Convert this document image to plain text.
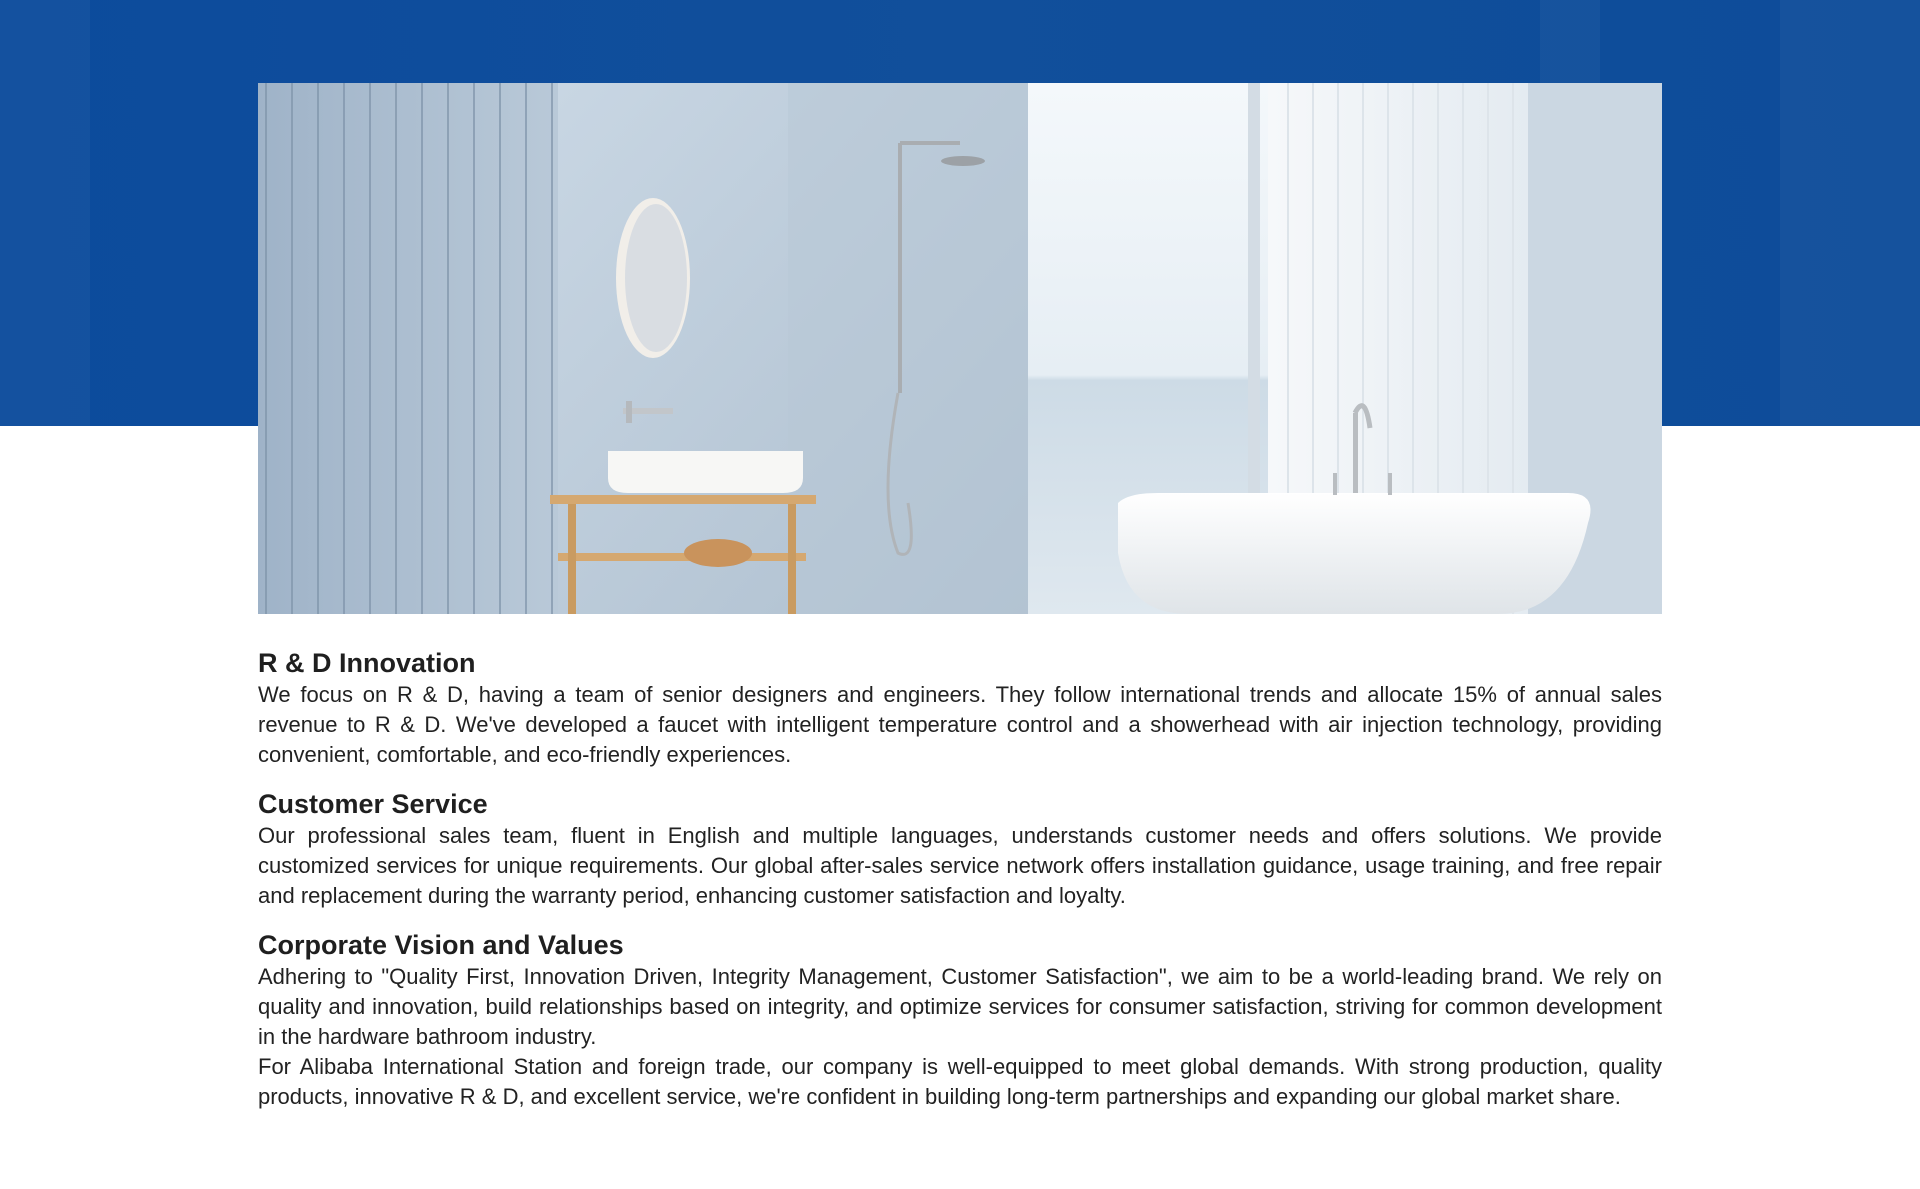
R & D Innovation

We focus on R & D, having a team of senior designers and engineers. They follow international trends and allocate 15% of annual sales revenue to R & D. We've developed a faucet with intelligent temperature control and a showerhead with air injection technology, providing convenient, comfortable, and eco-friendly experiences.

Customer Service

Our professional sales team, fluent in English and multiple languages, understands customer needs and offers solutions. We provide customized services for unique requirements. Our global after-sales service network offers installation guidance, usage training, and free repair and replacement during the warranty period, enhancing customer satisfaction and loyalty.

Corporate Vision and Values

Adhering to "Quality First, Innovation Driven, Integrity Management, Customer Satisfaction", we aim to be a world-leading brand. We rely on quality and innovation, build relationships based on integrity, and optimize services for consumer satisfaction, striving for common development in the hardware bathroom industry.

For Alibaba International Station and foreign trade, our company is well-equipped to meet global demands. With strong production, quality products, innovative R & D, and excellent service, we're confident in building long-term partnerships and expanding our global market share.
